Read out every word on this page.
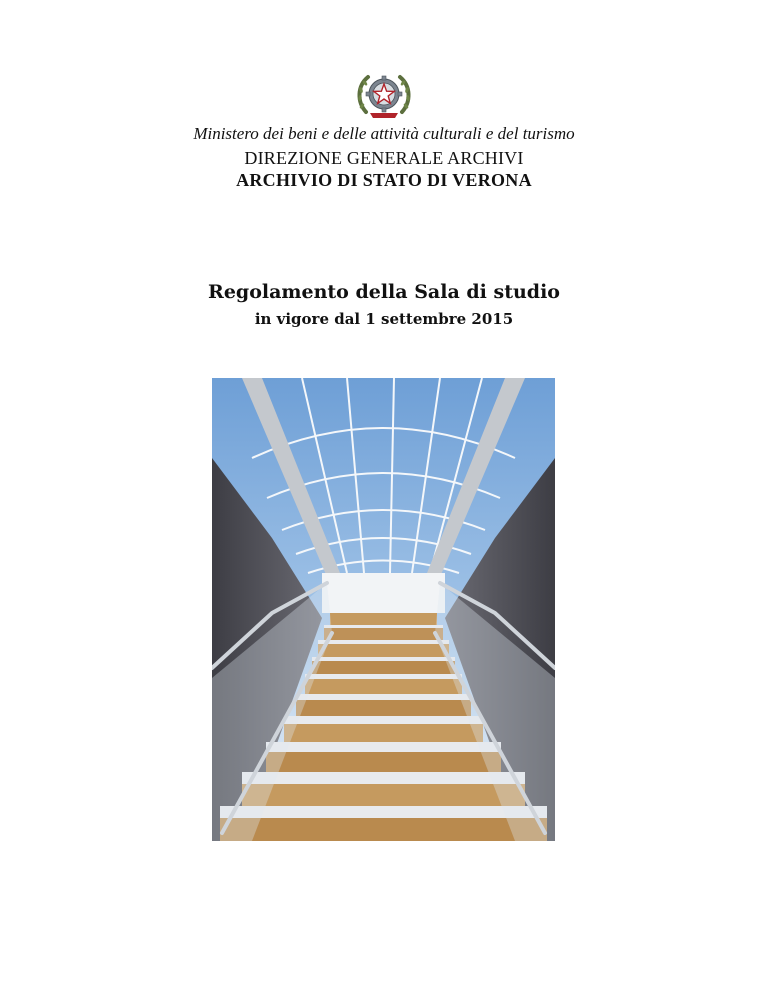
Ministero dei beni e delle attività culturali e del turismo
DIREZIONE GENERALE ARCHIVI
ARCHIVIO DI STATO DI VERONA
Regolamento della Sala di studio
in vigore dal 1 settembre 2015
